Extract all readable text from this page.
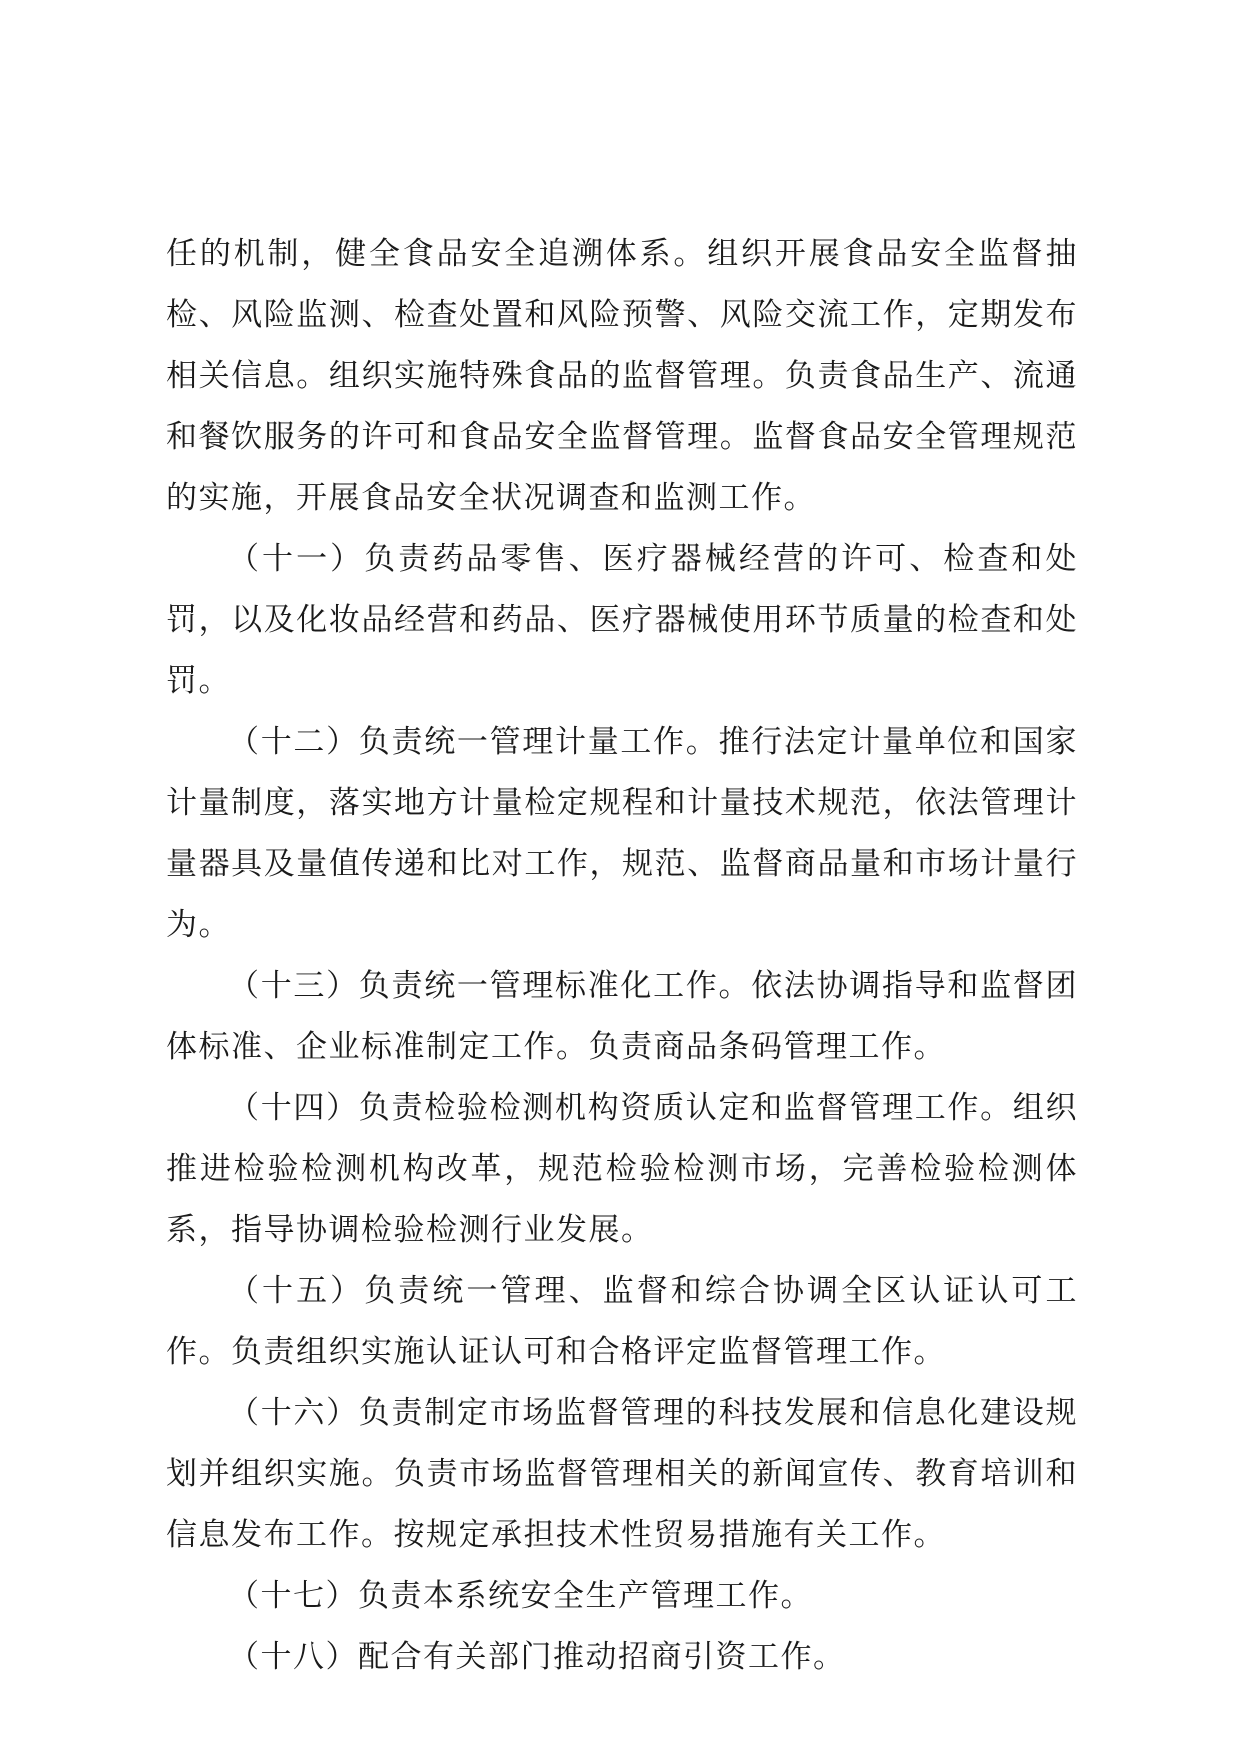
任的机制，健全食品安全追溯体系。组织开展食品安全监督抽检、风险监测、检查处置和风险预警、风险交流工作，定期发布相关信息。组织实施特殊食品的监督管理。负责食品生产、流通和餐饮服务的许可和食品安全监督管理。监督食品安全管理规范的实施，开展食品安全状况调查和监测工作。

（十一）负责药品零售、医疗器械经营的许可、检查和处罚，以及化妆品经营和药品、医疗器械使用环节质量的检查和处罚。

（十二）负责统一管理计量工作。推行法定计量单位和国家计量制度，落实地方计量检定规程和计量技术规范，依法管理计量器具及量值传递和比对工作，规范、监督商品量和市场计量行为。

（十三）负责统一管理标准化工作。依法协调指导和监督团体标准、企业标准制定工作。负责商品条码管理工作。

（十四）负责检验检测机构资质认定和监督管理工作。组织推进检验检测机构改革，规范检验检测市场，完善检验检测体系，指导协调检验检测行业发展。

（十五）负责统一管理、监督和综合协调全区认证认可工作。负责组织实施认证认可和合格评定监督管理工作。

（十六）负责制定市场监督管理的科技发展和信息化建设规划并组织实施。负责市场监督管理相关的新闻宣传、教育培训和信息发布工作。按规定承担技术性贸易措施有关工作。

（十七）负责本系统安全生产管理工作。

（十八）配合有关部门推动招商引资工作。
